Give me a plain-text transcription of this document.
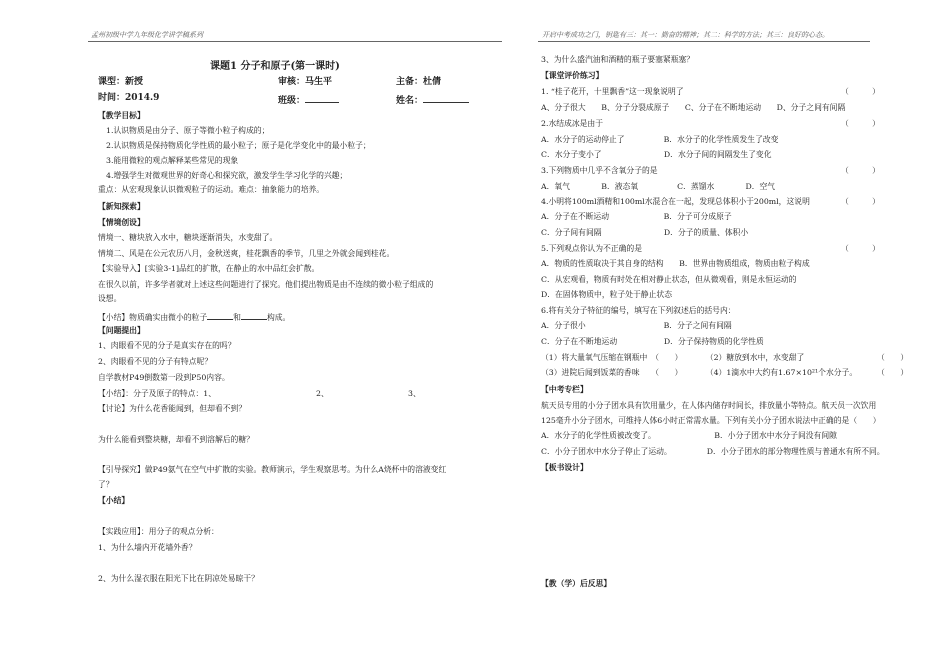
孟州初级中学九年级化学讲学稿系列	开启中考成功之门，钥匙有三：其一：勤奋的精神；其二：科学的方法；其三：良好的心态。
课题1 分子和原子(第一课时)
课型：新授	审核：马生平	主备：杜倩
时间：2014.9	班级：	姓名：
【教学目标】
1.认识物质是由分子、原子等微小粒子构成的；
2.认识物质是保持物质化学性质的最小粒子；原子是化学变化中的最小粒子；
3.能用微粒的观点解释某些常见的现象
4.增强学生对微观世界的好奇心和探究欲，激发学生学习化学的兴趣；
重点：从宏观现象认识微观粒子的运动。难点：抽象能力的培养。
【新知探索】
【情境创设】
情境一、糖块放入水中，糖块逐渐消失，水变甜了。
情境二、风是在公元农历八月，金秋送爽，桂花飘香的季节，几里之外就会闻到桂花。
【实验导入】[实验3-1]品红的扩散，在静止的水中品红会扩散。
在很久以前，许多学者就对上述这些问题进行了探究。他们提出物质是由不连续的微小粒子组成的
设想。
【小结】物质确实由微小的粒子	和	构成。
【问题提出】
1、肉眼看不见的分子是真实存在的吗？
2、肉眼看不见的分子有特点呢？
自学教材P49倒数第一段到P50内容。
【小结】：分子及原子的特点：1、	2、	3、
【讨论】为什么花香能闻到，但却看不到？
为什么能看到整块糖，却看不到溶解后的糖？
【引导探究】做P49氨气在空气中扩散的实验。教师演示，学生观察思考。为什么A烧杯中的溶液变红
了？
【小结】
【实践应用】：用分子的观点分析：
1、为什么墙内开花墙外香？
2、为什么湿衣服在阳光下比在阴凉处易晾干？
3、为什么盛汽油和酒精的瓶子要塞紧瓶塞？
【课堂评价练习】
1. “桂子花开，十里飘香”这一现象说明了	（　　　）
A、分子很大　　B、分子分裂成原子　　C、分子在不断地运动　　D、分子之间有间隔
2.水结成冰是由于	（　　　）
A．水分子的运动停止了　　　　　B．水分子的化学性质发生了改变
C．水分子变小了　　　　　　　　D．水分子间的间隔发生了变化
3.下列物质中几乎不含氧分子的是	（　　　）
A．氧气　　　　B．液态氧　　　　　C．蒸馏水　　　　D．空气
4.小明将100ml酒精和100ml水混合在一起，发现总体积小于200ml，这说明	（　　　）
A．分子在不断运动　　　　　　　B．分子可分成原子
C．分子间有间隔　　　　　　　　D．分子的质量、体积小
5.下列观点你认为不正确的是	（　　　）
A．物质的性质取决于其自身的结构　　B．世界由物质组成，物质由粒子构成
C．从宏观看，物质有时处在相对静止状态，但从微观看，则是永恒运动的
D．在固体物质中，粒子处于静止状态
6.将有关分子特征的编号，填写在下列叙述后的括号内：
A．分子很小　　　　　　　　　　B．分子之间有间隔
C．分子在不断地运动　　　　　　D．分子保持物质的化学性质
（1）将大量氧气压缩在钢瓶中　（　　）　　　　（2）糖放到水中，水变甜了	（　　）
（3）进院后闻到饭菜的香味　　（　　）　　　　（4）1滴水中大约有1.67×10²¹个水分子。	（　　）
【中考专栏】
航天员专用的小分子团水具有饮用量少，在人体内储存时间长，排放量小等特点。航天员一次饮用
125毫升小分子团水，可维持人体6小时正常需水量。下列有关小分子团水说法中正确的是（　　）
A．水分子的化学性质被改变了。　　　　　　　　B．小分子团水中水分子间没有间隙
C．小分子团水中水分子停止了运动。　　　　　D．小分子团水的部分物理性质与普通水有所不同。
【板书设计】
【教（学）后反思】
